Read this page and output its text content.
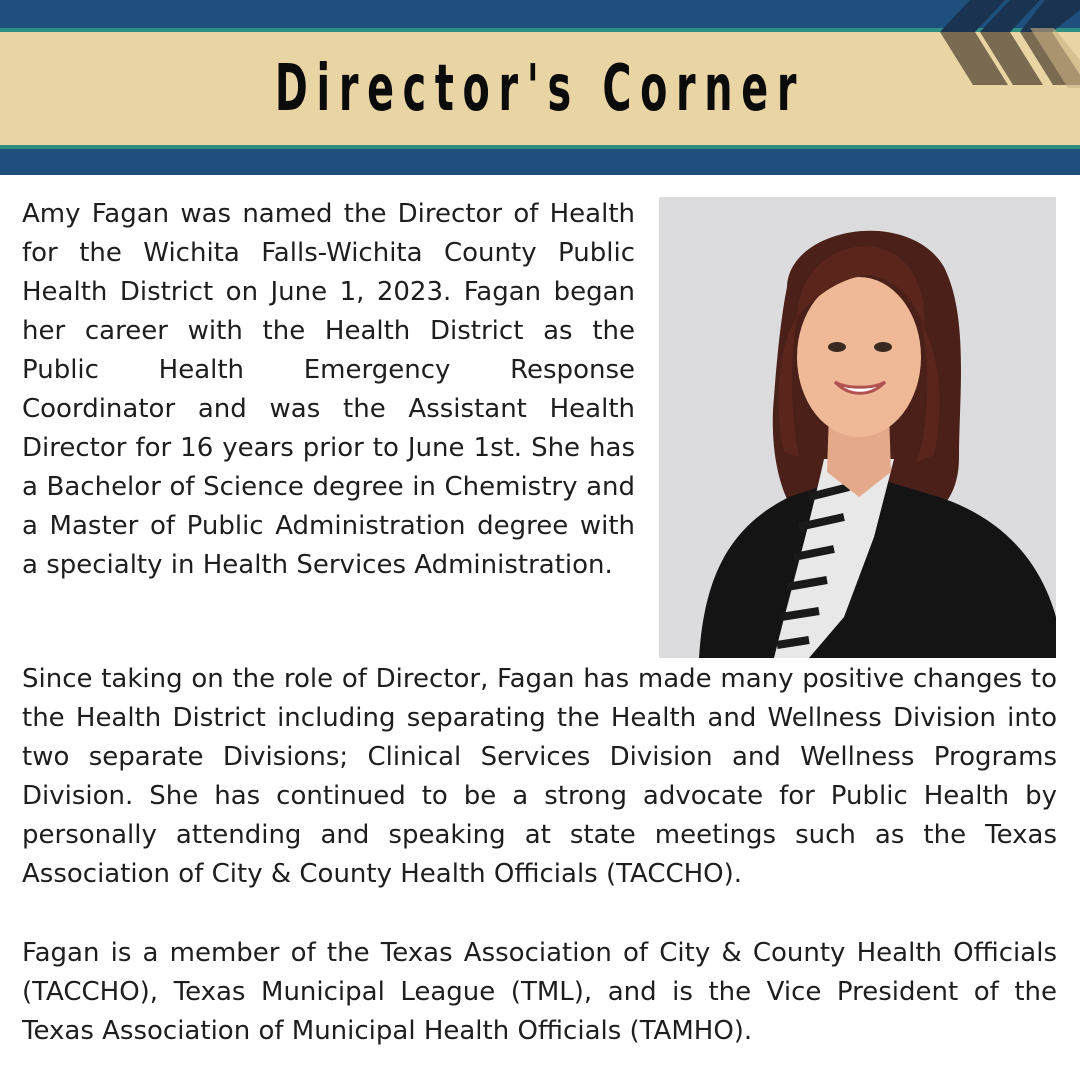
Director's Corner

Amy Fagan was named the Director of Health for the Wichita Falls-Wichita County Public Health District on June 1, 2023. Fagan began her career with the Health District as the Public Health Emergency Response Coordinator and was the Assistant Health Director for 16 years prior to June 1st. She has a Bachelor of Science degree in Chemistry and a Master of Public Administration degree with a specialty in Health Services Administration.

Since taking on the role of Director, Fagan has made many positive changes to the Health District including separating the Health and Wellness Division into two separate Divisions; Clinical Services Division and Wellness Programs Division. She has continued to be a strong advocate for Public Health by personally attending and speaking at state meetings such as the Texas Association of City & County Health Officials (TACCHO).

Fagan is a member of the Texas Association of City & County Health Officials (TACCHO), Texas Municipal League (TML), and is the Vice President of the Texas Association of Municipal Health Officials (TAMHO).
